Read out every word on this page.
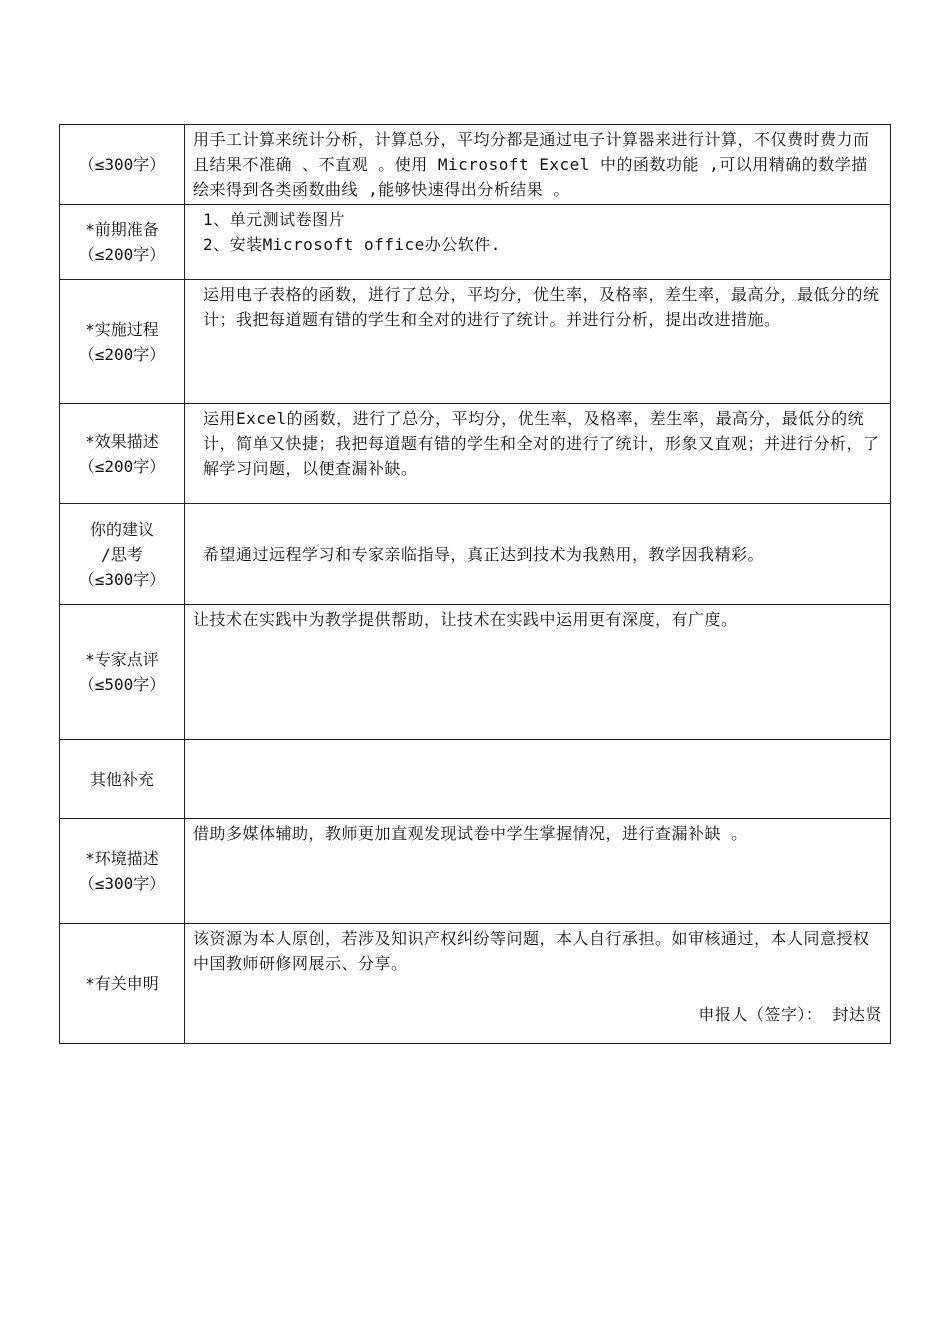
（≤300字）	用手工计算来统计分析，计算总分，平均分都是通过电子计算器来进行计算，不仅费时费力而且结果不准确 、不直观 。使用 Microsoft Excel 中的函数功能 ,可以用精确的数学描绘来得到各类函数曲线 ,能够快速得出分析结果 。

*前期准备
（≤200字）	1、单元测试卷图片
2、安装Microsoft office办公软件.

*实施过程
（≤200字）	运用电子表格的函数，进行了总分，平均分，优生率，及格率，差生率，最高分，最低分的统计；我把每道题有错的学生和全对的进行了统计。并进行分析，提出改进措施。

*效果描述
（≤200字）	运用Excel的函数，进行了总分，平均分，优生率，及格率，差生率，最高分，最低分的统计，简单又快捷；我把每道题有错的学生和全对的进行了统计，形象又直观；并进行分析，了解学习问题，以便查漏补缺。

你的建议
/思考
（≤300字）	希望通过远程学习和专家亲临指导，真正达到技术为我熟用，教学因我精彩。

*专家点评
（≤500字）	让技术在实践中为教学提供帮助，让技术在实践中运用更有深度，有广度。

其他补充	

*环境描述
（≤300字）	借助多媒体辅助，教师更加直观发现试卷中学生掌握情况，进行查漏补缺 。

*有关申明	该资源为本人原创，若涉及知识产权纠纷等问题，本人自行承担。如审核通过，本人同意授权中国教师研修网展示、分享。
申报人（签字）： 封达贤
